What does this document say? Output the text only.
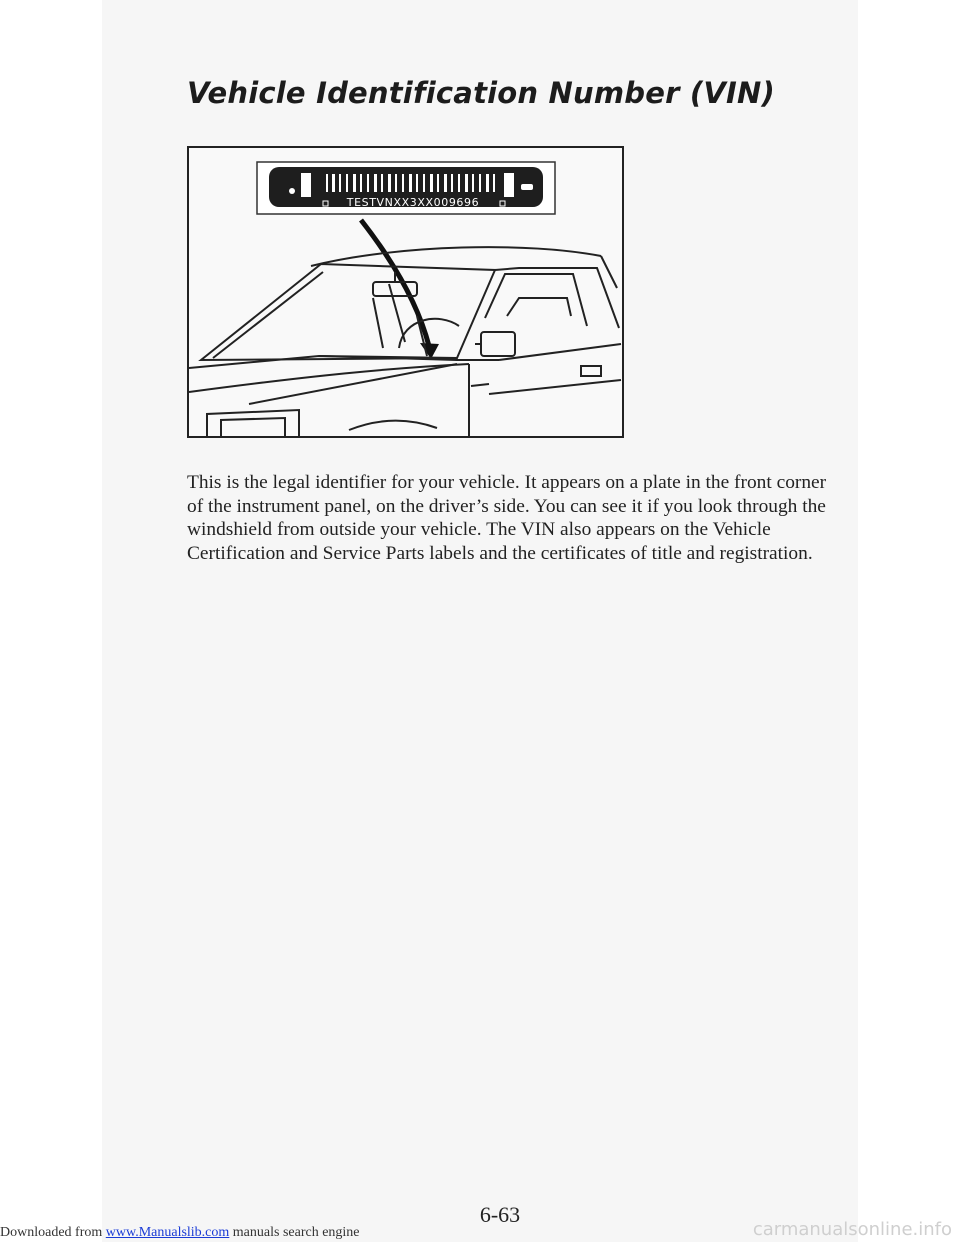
Vehicle Identification Number (VIN)
TESTVNXX3XX009696

This is the legal identifier for your vehicle. It appears on a plate in the front corner of the instrument panel, on the driver’s side. You can see it if you look through the windshield from outside your vehicle. The VIN also appears on the Vehicle Certification and Service Parts labels and the certificates of title and registration.

6-63
Downloaded from www.Manualslib.com manuals search engine	carmanualsonline.info
